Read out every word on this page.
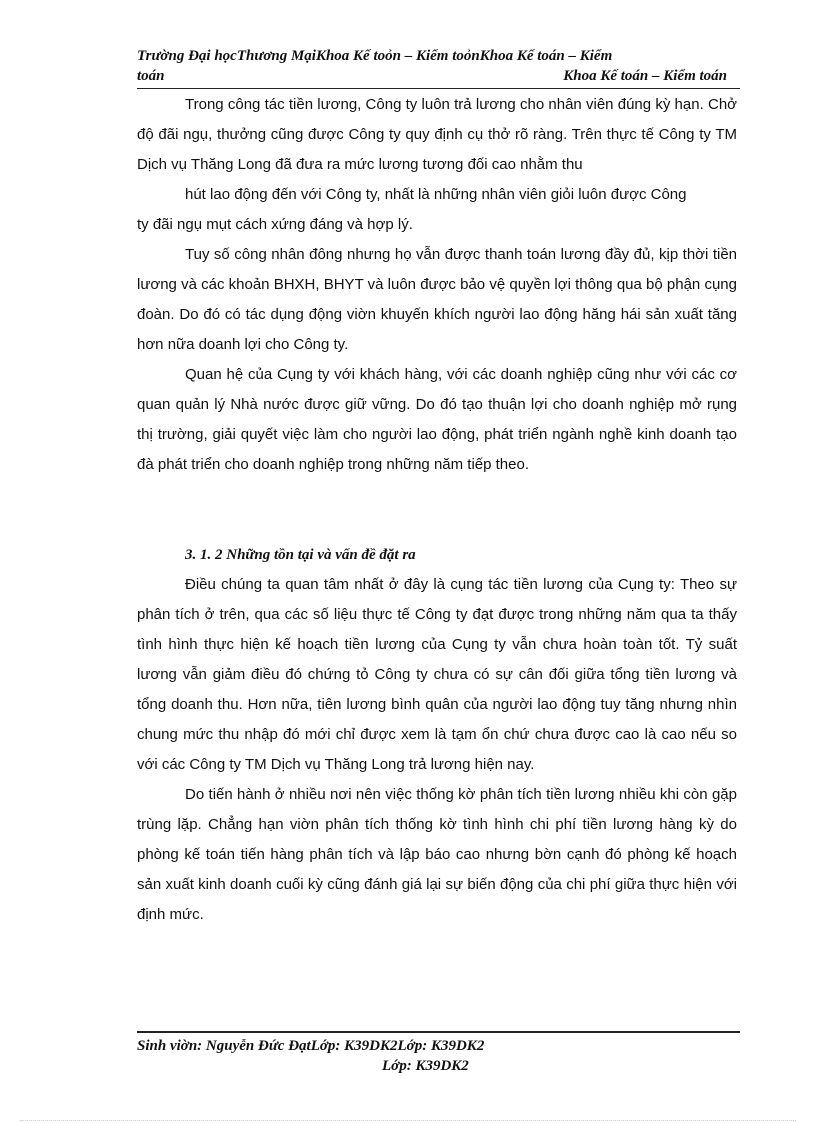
Trường Đại họcThương MạiKhoa Kế toỏn – Kiểm toỏnKhoa Kế toán – Kiểm
toán	Khoa Kế toán – Kiểm toán

Trong công tác tiền lương, Công ty luôn trả lương cho nhân viên đúng kỳ hạn. Chở độ đãi ngụ, thưởng cũng được Công ty quy định cụ thở rõ ràng. Trên thực tế Công ty TM Dịch vụ Thăng Long đã đưa ra mức lương tương đối cao nhằm thu

hút lao động đến với Công ty, nhất là những nhân viên giỏi luôn được Công

ty đãi ngụ mụt cách xứng đáng và hợp lý.

Tuy số công nhân đông nhưng họ vẫn được thanh toán lương đầy đủ, kịp thời tiền lương và các khoản BHXH, BHYT và luôn được bảo vệ quyền lợi thông qua bộ phận cụng đoàn. Do đó có tác dụng động viờn khuyến khích người lao động hăng hái sản xuất tăng hơn nữa doanh lợi cho Công ty.

Quan hệ của Cụng ty với khách hàng, với các doanh nghiệp cũng như với các cơ quan quản lý Nhà nước được giữ vững. Do đó tạo thuận lợi cho doanh nghiệp mở rụng thị trường, giải quyết việc làm cho người lao động, phát triển ngành nghề kinh doanh tạo đà phát triển cho doanh nghiệp trong những năm tiếp theo.

3. 1. 2 Những tồn tại và vấn đề đặt ra

Điều chúng ta quan tâm nhất ở đây là cụng tác tiền lương của Cụng ty: Theo sự phân tích ở trên, qua các số liệu thực tế Công ty đạt được trong những năm qua ta thấy tình hình thực hiện kế hoạch tiền lương của Cụng ty vẫn chưa hoàn toàn tốt. Tỷ suất lương vẫn giảm điều đó chứng tỏ Công ty chưa có sự cân đối giữa tổng tiền lương và tổng doanh thu. Hơn nữa, tiên lương bình quân của người lao động tuy tăng nhưng nhìn chung mức thu nhập đó mới chỉ được xem là tạm ổn chứ chưa được cao là cao nếu so với các Công ty TM Dịch vụ Thăng Long trả lương hiện nay.

Do tiến hành ở nhiều nơi nên việc thống kờ phân tích tiền lương nhiều khi còn gặp trùng lặp. Chẳng hạn viờn phân tích thống kờ tình hình chi phí tiền lương hàng kỳ do phòng kế toán tiến hàng phân tích và lập báo cao nhưng bờn cạnh đó phòng kế hoạch sản xuất kinh doanh cuối kỳ cũng đánh giá lại sự biến động của chi phí giữa thực hiện với định mức.

Sinh viờn: Nguyễn Đức ĐạtLớp: K39DK2Lớp: K39DK2

Lớp: K39DK2
